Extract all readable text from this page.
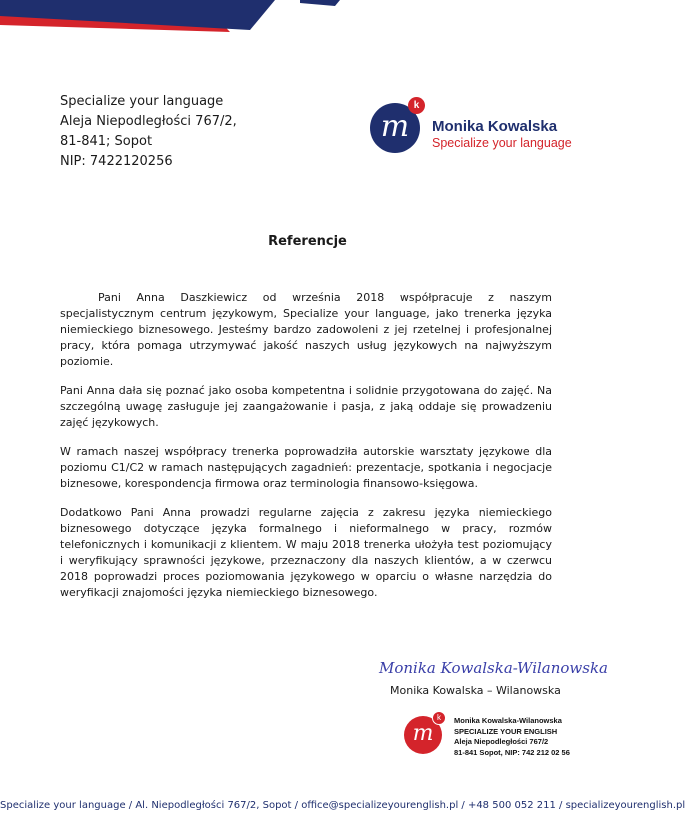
Specialize your language
Aleja Niepodległości 767/2,
81-841; Sopot
NIP: 7422120256
m
k
Monika Kowalska
Specialize your language
Referencje

Pani Anna Daszkiewicz od września 2018 współpracuje z naszym specjalistycznym centrum językowym, Specialize your language, jako trenerka języka niemieckiego biznesowego. Jesteśmy bardzo zadowoleni z jej rzetelnej i profesjonalnej pracy, która pomaga utrzymywać jakość naszych usług językowych na najwyższym poziomie.

Pani Anna dała się poznać jako osoba kompetentna i solidnie przygotowana do zajęć. Na szczególną uwagę zasługuje jej zaangażowanie i pasja, z jaką oddaje się prowadzeniu zajęć językowych.

W ramach naszej współpracy trenerka poprowadziła autorskie warsztaty językowe dla poziomu C1/C2 w ramach następujących zagadnień: prezentacje, spotkania i negocjacje biznesowe, korespondencja firmowa oraz terminologia finansowo-księgowa.

Dodatkowo Pani Anna prowadzi regularne zajęcia z zakresu języka niemieckiego biznesowego dotyczące języka formalnego i nieformalnego w pracy, rozmów telefonicznych i komunikacji z klientem. W maju 2018 trenerka ułożyła test poziomujący i weryfikujący sprawności językowe, przeznaczony dla naszych klientów, a w czerwcu 2018 poprowadzi proces poziomowania językowego w oparciu o własne narzędzia do weryfikacji znajomości języka niemieckiego biznesowego.

Monika Kowalska-Wilanowska
Monika Kowalska – Wilanowska
m
k	Monika Kowalska-Wilanowska
SPECIALIZE YOUR ENGLISH
Aleja Niepodległości 767/2
81-841 Sopot, NIP: 742 212 02 56
Specialize your language / Al. Niepodległości 767/2, Sopot / office@specializeyourenglish.pl / +48 500 052 211 / specializeyourenglish.pl
